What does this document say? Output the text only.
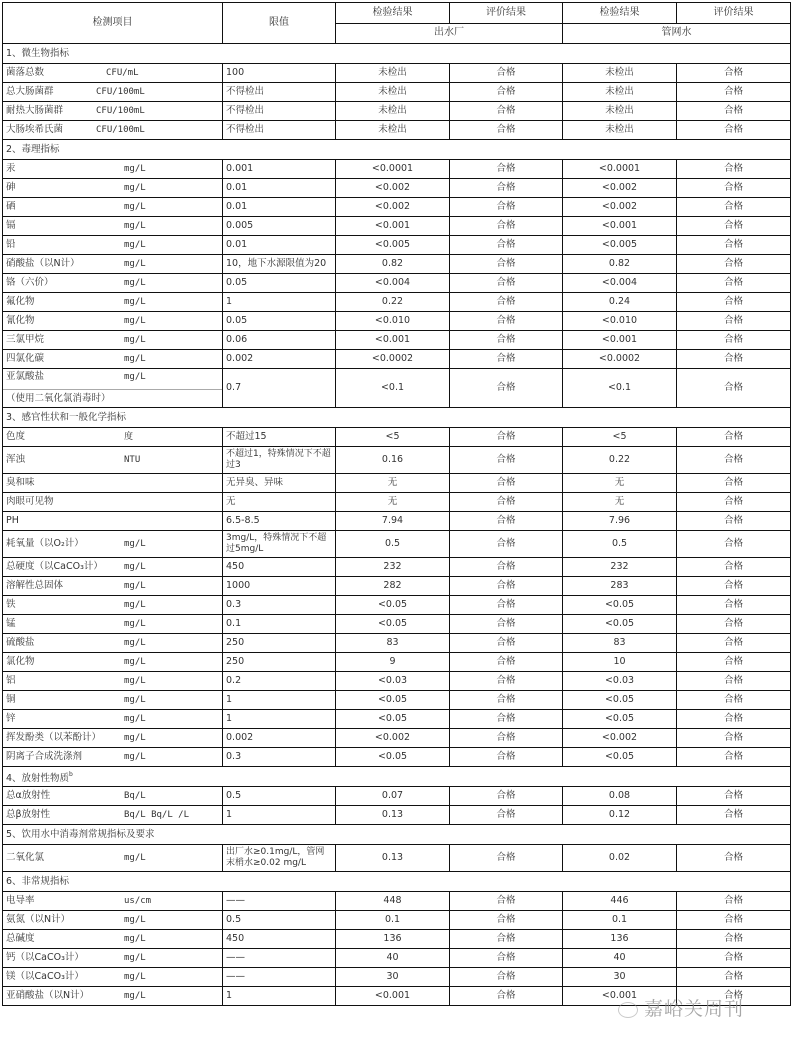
检测项目	限值	检验结果	评价结果	检验结果	评价结果
		出水厂		管网水	
1、微生物指标					

菌落总数 CFU/mL	100	未检出	合格	未检出	合格

总大肠菌群 CFU/100mL	不得检出	未检出	合格	未检出	合格

耐热大肠菌群 CFU/100mL	不得检出	未检出	合格	未检出	合格

大肠埃希氏菌 CFU/100mL	不得检出	未检出	合格	未检出	合格
2、毒理指标					

汞 mg/L	0.001	<0.0001	合格	<0.0001	合格

砷 mg/L	0.01	<0.002	合格	<0.002	合格

硒 mg/L	0.01	<0.002	合格	<0.002	合格

镉 mg/L	0.005	<0.001	合格	<0.001	合格

铅 mg/L	0.01	<0.005	合格	<0.005	合格

硝酸盐（以N计） mg/L	10，地下水源限值为20	0.82	合格	0.82	合格

铬（六价） mg/L	0.05	<0.004	合格	<0.004	合格

氟化物 mg/L	1	0.22	合格	0.24	合格

氰化物 mg/L	0.05	<0.010	合格	<0.010	合格

三氯甲烷 mg/L	0.06	<0.001	合格	<0.001	合格

四氯化碳 mg/L	0.002	<0.0002	合格	<0.0002	合格

亚氯酸盐 mg/L
（使用二氧化氯消毒时）	0.7	<0.1	合格	<0.1	合格
3、感官性状和一般化学指标					

色度 度	不超过15	<5	合格	<5	合格

浑浊 NTU	不超过1，特殊情况下不超过3	0.16	合格	0.22	合格

臭和味	无异臭、异味	无	合格	无	合格

肉眼可见物	无	无	合格	无	合格

PH	6.5-8.5	7.94	合格	7.96	合格

耗氧量（以O₂计） mg/L	3mg/L，特殊情况下不超过5mg/L	0.5	合格	0.5	合格

总硬度（以CaCO₃计） mg/L	450	232	合格	232	合格

溶解性总固体 mg/L	1000	282	合格	283	合格

铁 mg/L	0.3	<0.05	合格	<0.05	合格

锰 mg/L	0.1	<0.05	合格	<0.05	合格

硫酸盐 mg/L	250	83	合格	83	合格

氯化物 mg/L	250	9	合格	10	合格

铝 mg/L	0.2	<0.03	合格	<0.03	合格

铜 mg/L	1	<0.05	合格	<0.05	合格

锌 mg/L	1	<0.05	合格	<0.05	合格

挥发酚类（以苯酚计） mg/L	0.002	<0.002	合格	<0.002	合格

阴离子合成洗涤剂 mg/L	0.3	<0.05	合格	<0.05	合格
4、放射性物质$^b$

总α放射性 Bq/L	0.5	0.07	合格	0.08	合格

总β放射性 Bq/L Bq/L /L	1	0.13	合格	0.12	合格
5、饮用水中消毒剂常规指标及要求					

二氧化氯 mg/L	出厂水≥0.1mg/L，管网末梢水≥0.02 mg/L	0.13	合格	0.02	合格
6、非常规指标					

电导率 us/cm	——	448	合格	446	合格

氨氮（以N计） mg/L	0.5	0.1	合格	0.1	合格

总碱度 mg/L	450	136	合格	136	合格

钙（以CaCO₃计） mg/L	——	40	合格	40	合格

镁（以CaCO₃计） mg/L	——	30	合格	30	合格

亚硝酸盐（以N计） mg/L	1	<0.001	合格	<0.001	合格
嘉峪关周刊
